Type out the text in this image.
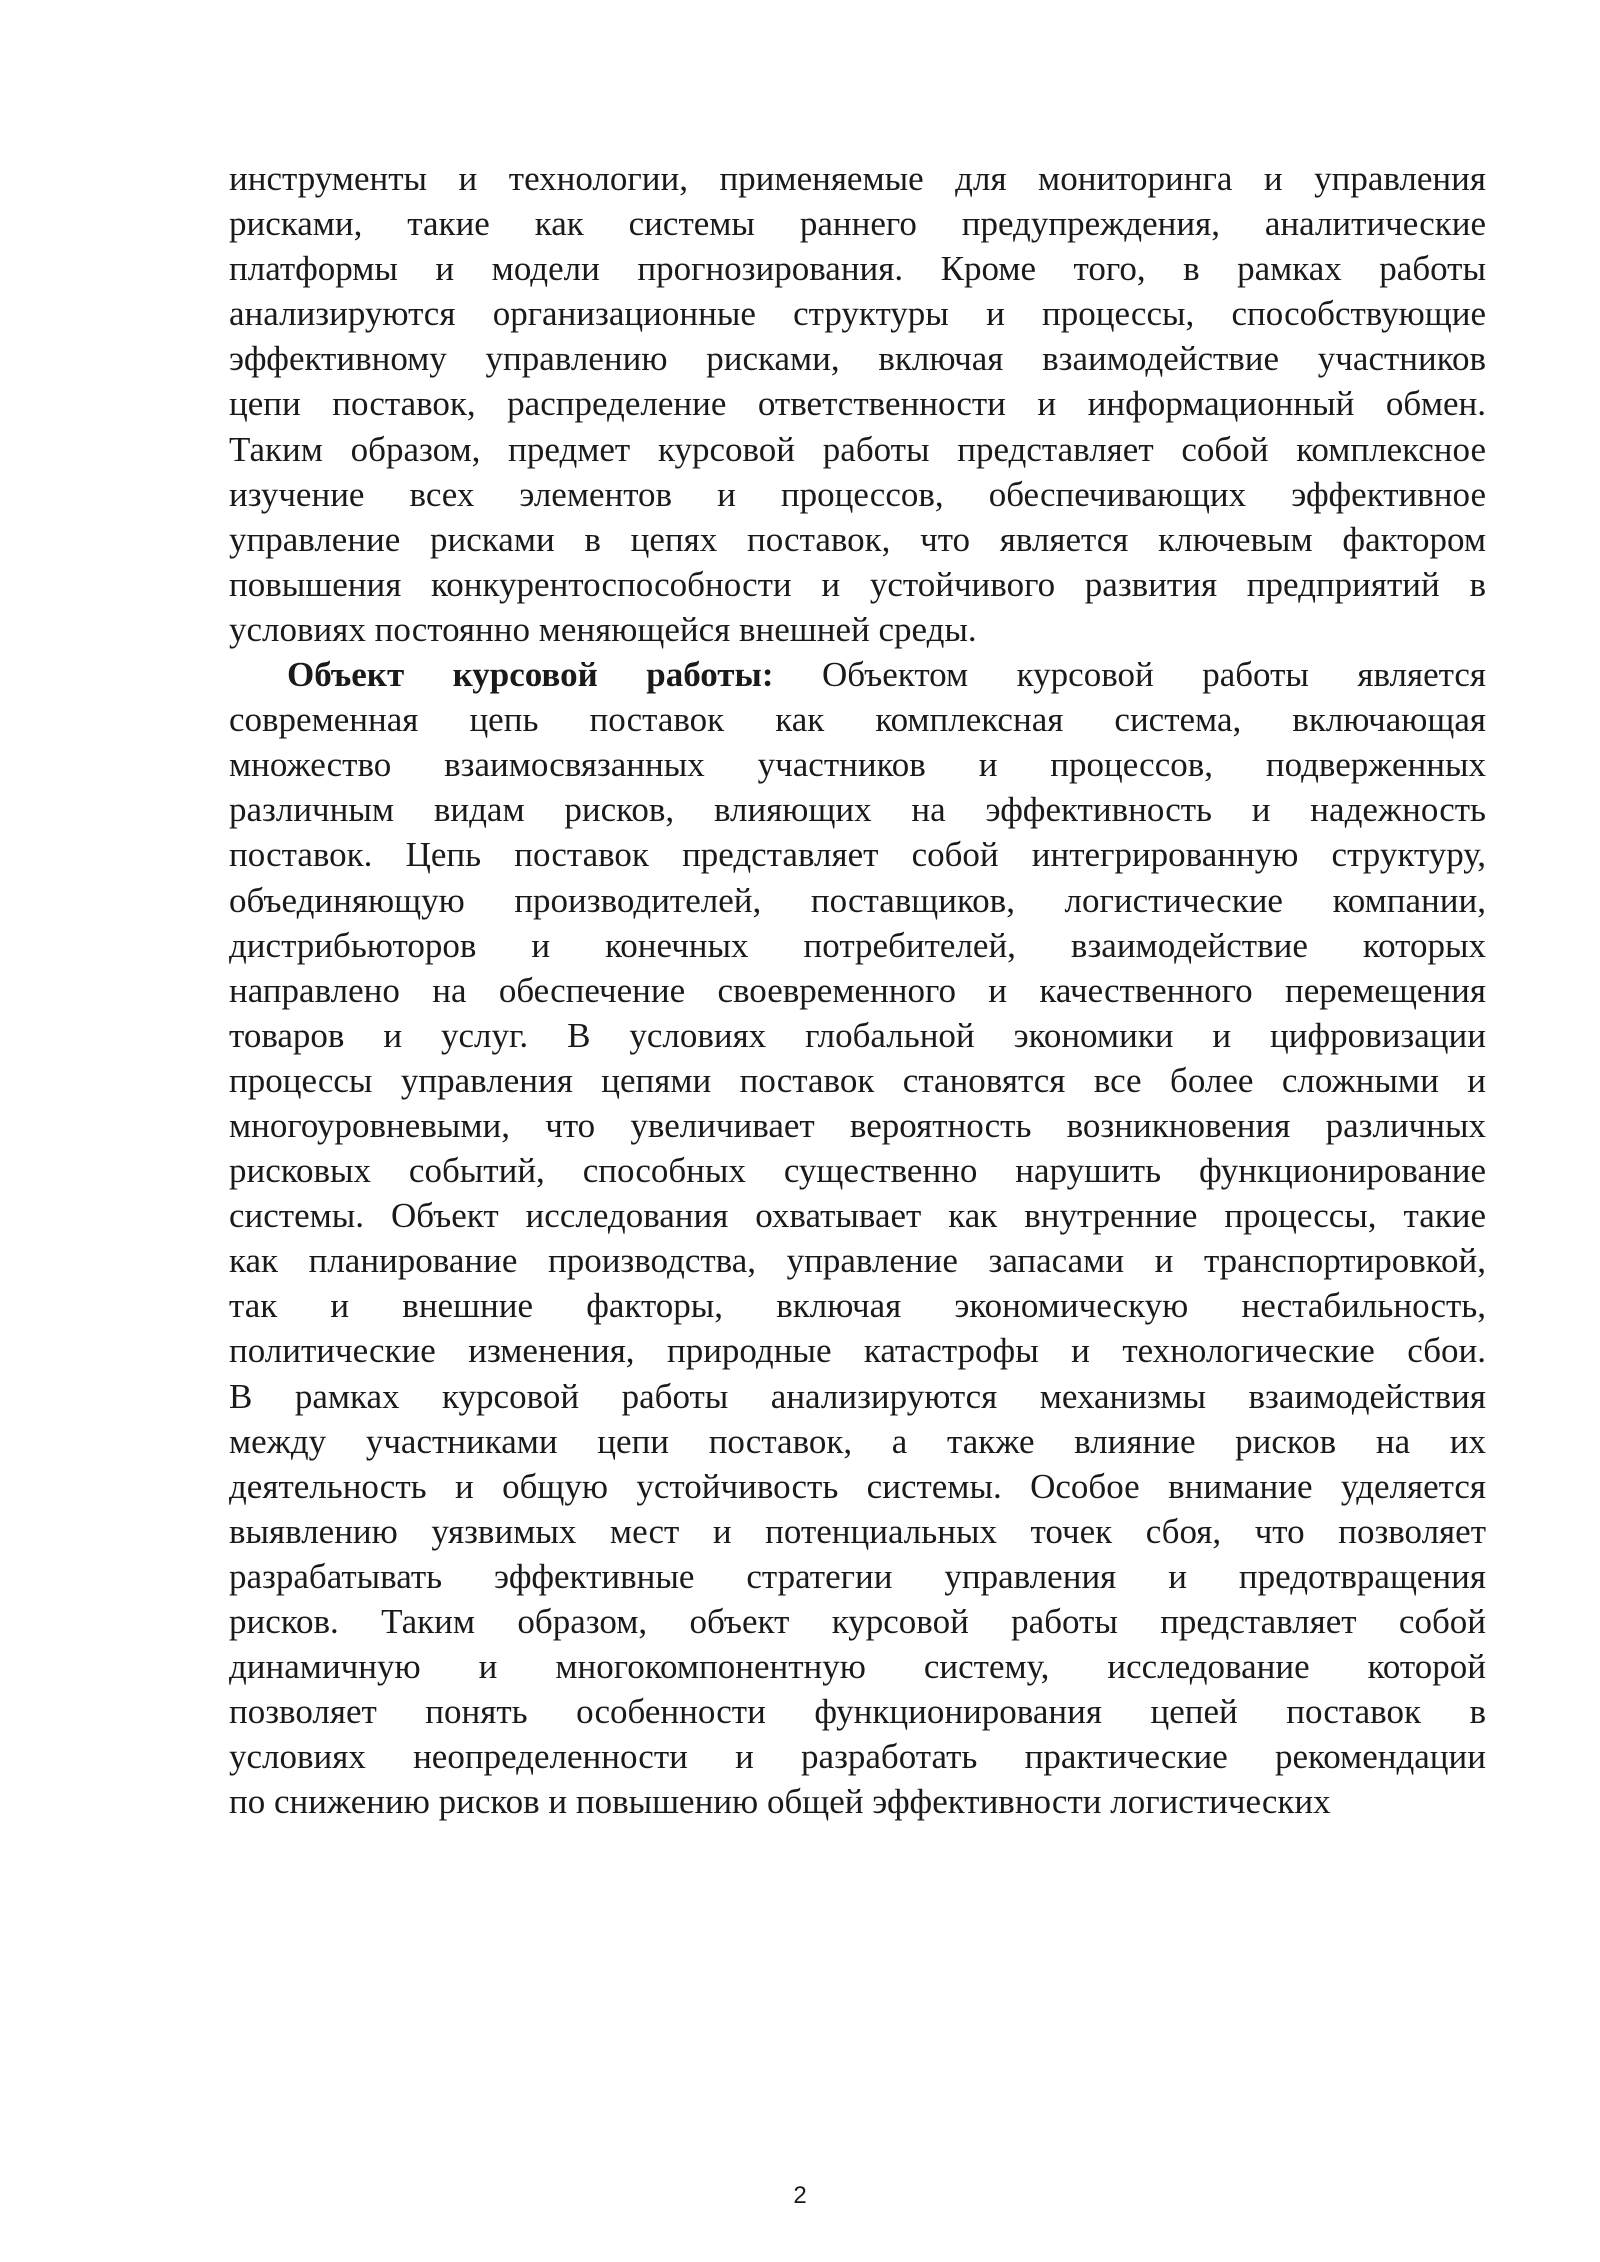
инструменты и технологии, применяемые для мониторинга и управления
рисками, такие как системы раннего предупреждения, аналитические
платформы и модели прогнозирования. Кроме того, в рамках работы
анализируются организационные структуры и процессы, способствующие
эффективному управлению рисками, включая взаимодействие участников
цепи поставок, распределение ответственности и информационный обмен.
Таким образом, предмет курсовой работы представляет собой комплексное
изучение всех элементов и процессов, обеспечивающих эффективное
управление рисками в цепях поставок, что является ключевым фактором
повышения конкурентоспособности и устойчивого развития предприятий в
условиях постоянно меняющейся внешней среды.
Объект курсовой работы: Объектом курсовой работы является
современная цепь поставок как комплексная система, включающая
множество взаимосвязанных участников и процессов, подверженных
различным видам рисков, влияющих на эффективность и надежность
поставок. Цепь поставок представляет собой интегрированную структуру,
объединяющую производителей, поставщиков, логистические компании,
дистрибьюторов и конечных потребителей, взаимодействие которых
направлено на обеспечение своевременного и качественного перемещения
товаров и услуг. В условиях глобальной экономики и цифровизации
процессы управления цепями поставок становятся все более сложными и
многоуровневыми, что увеличивает вероятность возникновения различных
рисковых событий, способных существенно нарушить функционирование
системы. Объект исследования охватывает как внутренние процессы, такие
как планирование производства, управление запасами и транспортировкой,
так и внешние факторы, включая экономическую нестабильность,
политические изменения, природные катастрофы и технологические сбои.
В рамках курсовой работы анализируются механизмы взаимодействия
между участниками цепи поставок, а также влияние рисков на их
деятельность и общую устойчивость системы. Особое внимание уделяется
выявлению уязвимых мест и потенциальных точек сбоя, что позволяет
разрабатывать эффективные стратегии управления и предотвращения
рисков. Таким образом, объект курсовой работы представляет собой
динамичную и многокомпонентную систему, исследование которой
позволяет понять особенности функционирования цепей поставок в
условиях неопределенности и разработать практические рекомендации
по снижению рисков и повышению общей эффективности логистических
2
